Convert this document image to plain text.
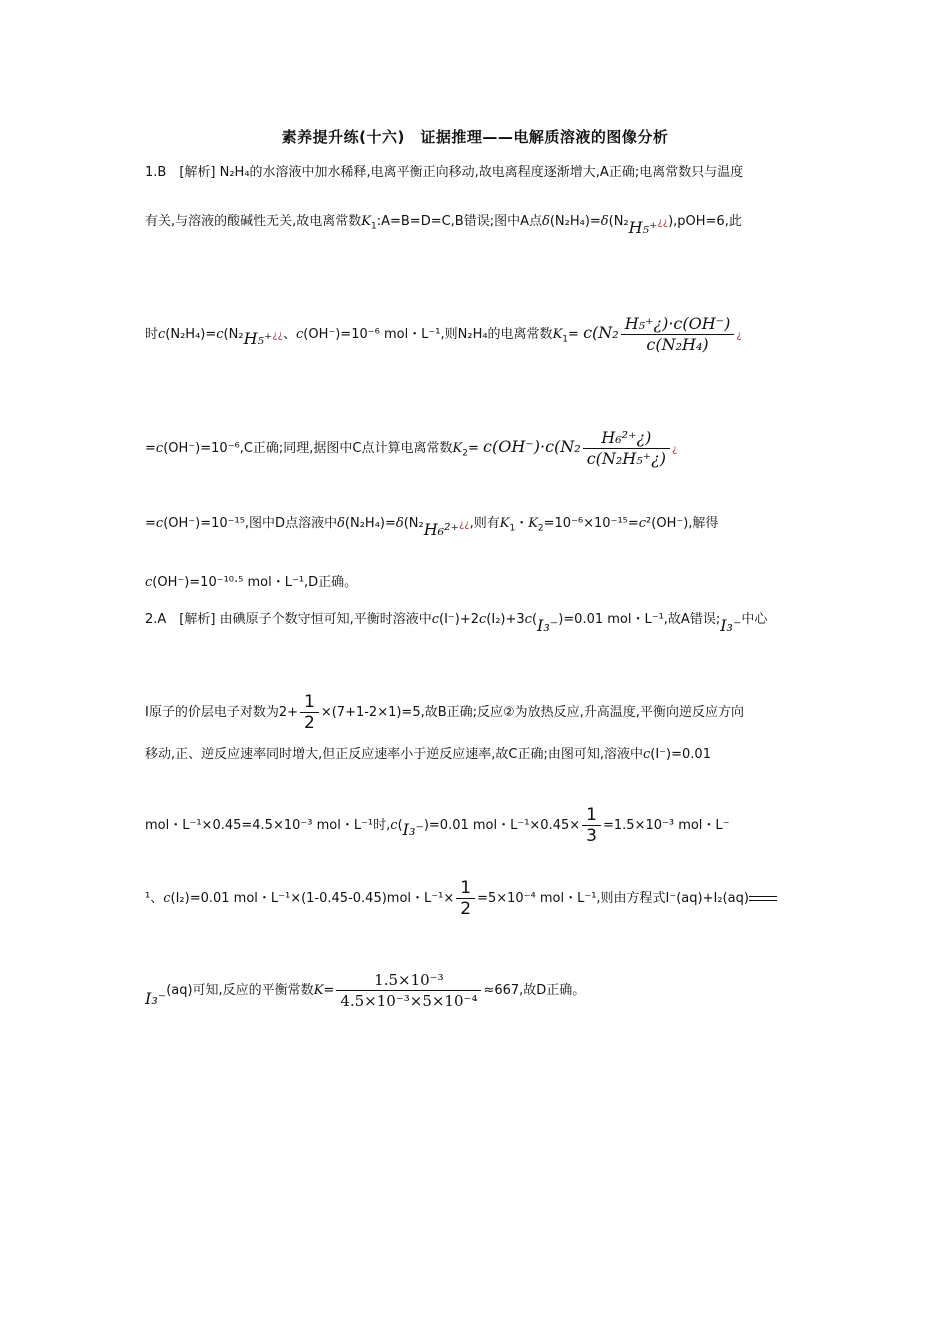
素养提升练(十六)　证据推理——电解质溶液的图像分析
1.B　[解析] N₂H₄的水溶液中加水稀释,电离平衡正向移动,故电离程度逐渐增大,A正确;电离常数只与温度
有关,与溶液的酸碱性无关,故电离常数$K_1:A=B=D=C,B$错误;图中A点δ(N₂H₄)=δ(N₂H₅⁺¿¿),pOH=6,此
时c(N₂H₄)=c(N₂H₅⁺¿¿、c(OH⁻)=10⁻⁶ mol・L⁻¹,则N₂H₄的电离常数$K_1= c(N_2 \frac{\text{H₅⁺¿)·c(OH⁻)}}{\text{c(N₂H₄)}}$ ¿
=c(OH⁻)=10⁻⁶,C正确;同理,据图中C点计算电离常数$K_2= c(OH^-)\cdot c(N_2 \frac{\text{H₆²⁺¿)}}{\text{c(N₂H₅⁺¿)}}$ ¿
=c(OH⁻)=10⁻¹⁵,图中D点溶液中δ(N₂H₄)=δ(N₂H₆²⁺¿¿,则有$K_1$・$K_2=10^{-6}\times 10^{-15}=c^2(OH^-)$,解得
c(OH⁻)=10⁻¹⁰·⁵ mol・L⁻¹,D正确。
2.A　[解析] 由碘原子个数守恒可知,平衡时溶液中c(I⁻)+2c(I₂)+3c(I₃⁻)=0.01 mol・L⁻¹,故A错误;I₃⁻中心
I原子的价层电子对数为$2+ \frac{1}{2} \times(7+1-2\times 1)=5$,故B正确;反应②为放热反应,升高温度,平衡向逆反应方向
移动,正、逆反应速率同时增大,但正反应速率小于逆反应速率,故C正确;由图可知,溶液中c(I⁻)=0.01
mol・L⁻¹×0.45=4.5×10⁻³ mol・L⁻¹时,c(I₃⁻)=0.01 mol・$L^{-1}\times 0.45\times \frac{1}{3} =1.5\times 10^{-3}$ mol・L⁻
¹、c(I₂)=0.01 mol・L⁻¹×(1-0.45-0.45)mol・$L^{-1}\times \frac{1}{2} =5\times 10^{-4}$ mol・L⁻¹,则由方程式I⁻(aq)+I₂(aq)
I₃⁻(aq)可知,反应的平衡常数$K= \frac{\text{1.5×10⁻³}}{\text{4.5×10⁻³×5×10⁻⁴}} \approx 667$,故D正确。
